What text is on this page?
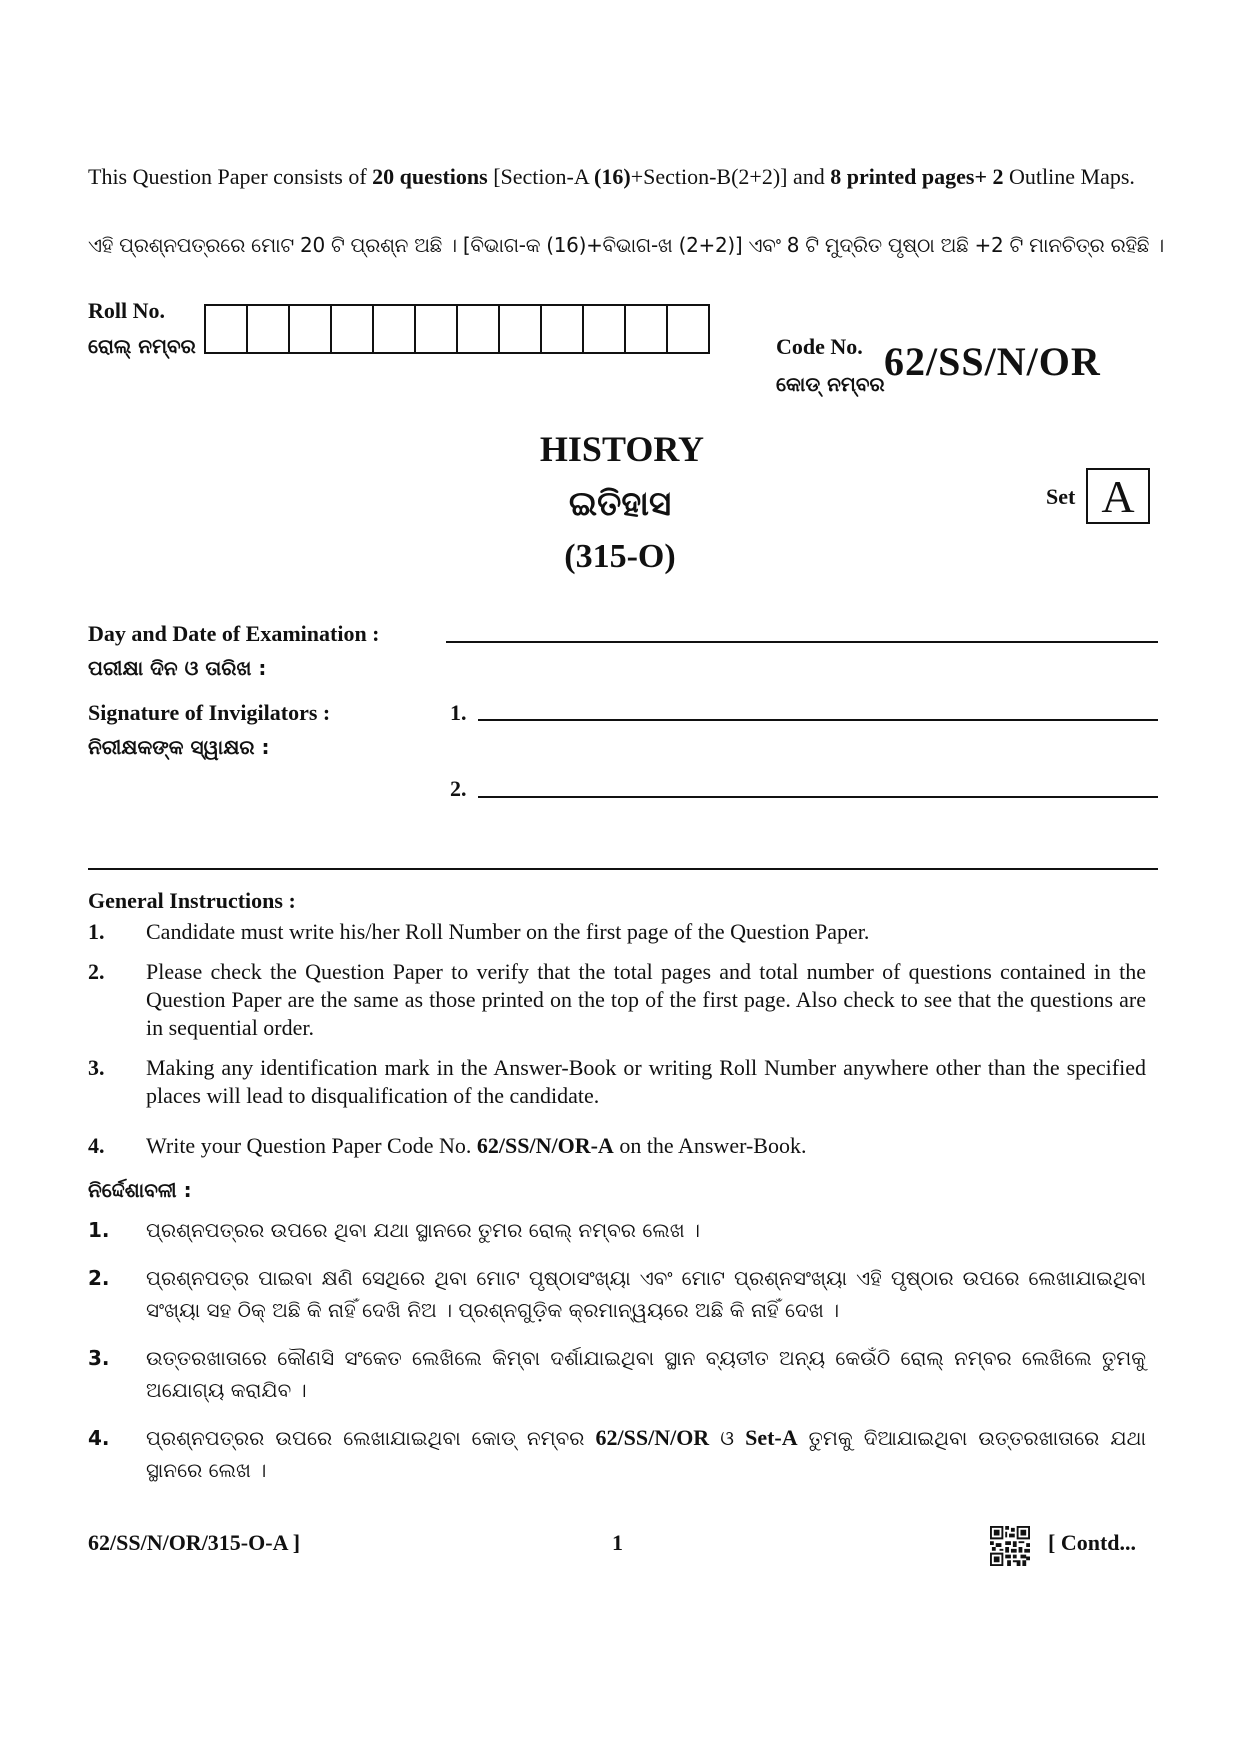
This Question Paper consists of 20 questions [Section-A (16)+Section-B(2+2)] and 8 printed pages+ 2 Outline Maps.
ଏହି ପ୍ରଶ୍ନପତ୍ରରେ ମୋଟ 20 ଟି ପ୍ରଶ୍ନ ଅଛି । [ବିଭାଗ-କ (16)+ବିଭାଗ-ଖ (2+2)] ଏବଂ 8 ଟି ମୁଦ୍ରିତ ପୃଷ୍ଠା ଅଛି +2 ଟି ମାନଚିତ୍ର ରହିଛି ।
Roll No.
ରୋଲ୍ ନମ୍ବର	Code No.
କୋଡ୍ ନମ୍ବର 62/SS/N/OR
HISTORY
ଇତିହାସ
(315-O)
Set A
Day and Date of Examination :
ପରୀକ୍ଷା ଦିନ ଓ ତାରିଖ :
Signature of Invigilators :
ନିରୀକ୍ଷକଙ୍କ ସ୍ୱାକ୍ଷର :
1.
2.
General Instructions :
1.	Candidate must write his/her Roll Number on the first page of the Question Paper.
2.	Please check the Question Paper to verify that the total pages and total number of questions contained in the Question Paper are the same as those printed on the top of the first page. Also check to see that the questions are in sequential order.
3.	Making any identification mark in the Answer-Book or writing Roll Number anywhere other than the specified places will lead to disqualification of the candidate.
4.	Write your Question Paper Code No. 62/SS/N/OR-A on the Answer-Book.
ନିର୍ଦ୍ଦେଶାବଳୀ :
1.	ପ୍ରଶ୍ନପତ୍ରର ଉପରେ ଥିବା ଯଥା ସ୍ଥାନରେ ତୁମର ରୋଲ୍ ନମ୍ବର ଲେଖ ।
2.	ପ୍ରଶ୍ନପତ୍ର ପାଇବା କ୍ଷଣି ସେଥିରେ ଥିବା ମୋଟ ପୃଷ୍ଠାସଂଖ୍ୟା ଏବଂ ମୋଟ ପ୍ରଶ୍ନସଂଖ୍ୟା ଏହି ପୃଷ୍ଠାର ଉପରେ ଲେଖାଯାଇଥିବା ସଂଖ୍ୟା ସହ ଠିକ୍ ଅଛି କି ନାହିଁ ଦେଖି ନିଅ । ପ୍ରଶ୍ନଗୁଡ଼ିକ କ୍ରମାନ୍ୱୟରେ ଅଛି କି ନାହିଁ ଦେଖ ।
3.	ଉତ୍ତରଖାତାରେ କୌଣସି ସଂକେତ ଲେଖିଲେ କିମ୍ବା ଦର୍ଶାଯାଇଥିବା ସ୍ଥାନ ବ୍ୟତୀତ ଅନ୍ୟ କେଉଁଠି ରୋଲ୍ ନମ୍ବର ଲେଖିଲେ ତୁମକୁ ଅଯୋଗ୍ୟ କରାଯିବ ।
4.	ପ୍ରଶ୍ନପତ୍ରର ଉପରେ ଲେଖାଯାଇଥିବା କୋଡ୍ ନମ୍ବର 62/SS/N/OR ଓ Set-A ତୁମକୁ ଦିଆଯାଇଥିବା ଉତ୍ତରଖାତାରେ ଯଥା ସ୍ଥାନରେ ଲେଖ ।
62/SS/N/OR/315-O-A ]	1	[ Contd...
